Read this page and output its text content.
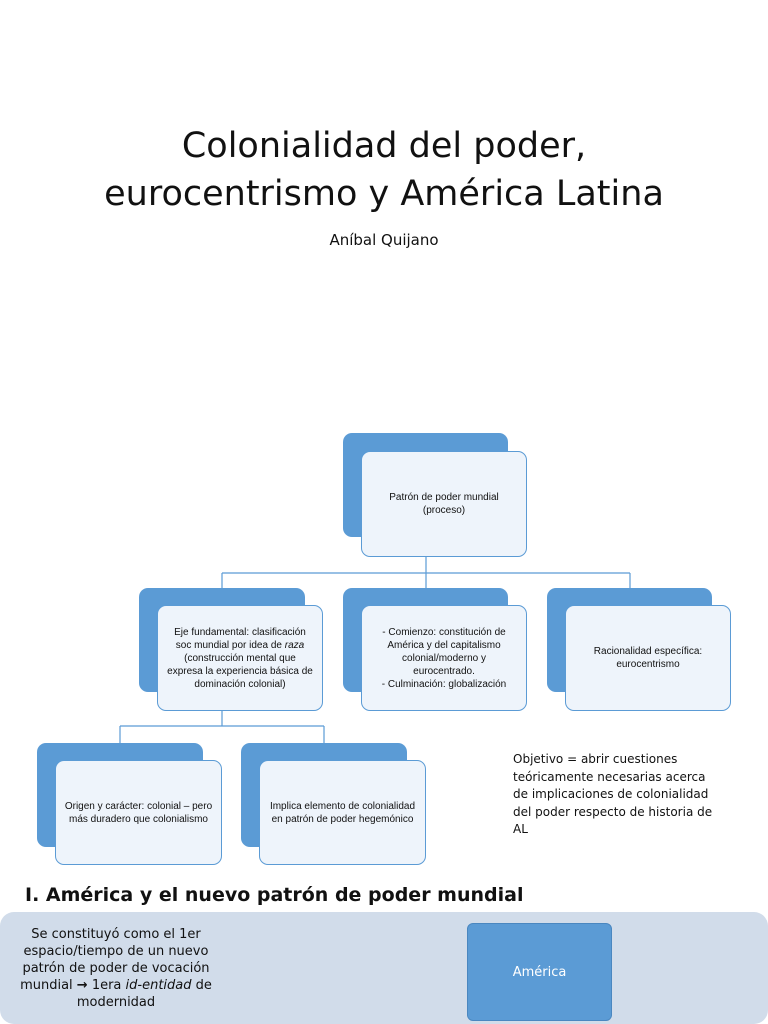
Colonialidad del poder,
eurocentrismo y América Latina
Aníbal Quijano
Patrón de poder mundial
(proceso)
Eje fundamental: clasificación soc mundial por idea de raza (construcción mental que expresa la experiencia básica de dominación colonial)
- Comienzo: constitución de América y del capitalismo colonial/moderno y eurocentrado.
- Culminación: globalización
Racionalidad específica: eurocentrismo
Origen y carácter: colonial – pero más duradero que colonialismo
Implica elemento de colonialidad en patrón de poder hegemónico
Objetivo = abrir cuestiones teóricamente necesarias acerca de implicaciones de colonialidad del poder respecto de historia de AL
I. América y el nuevo patrón de poder mundial
Se constituyó como el 1er espacio/tiempo de un nuevo patrón de poder de vocación mundial → 1era id-entidad de modernidad
América
